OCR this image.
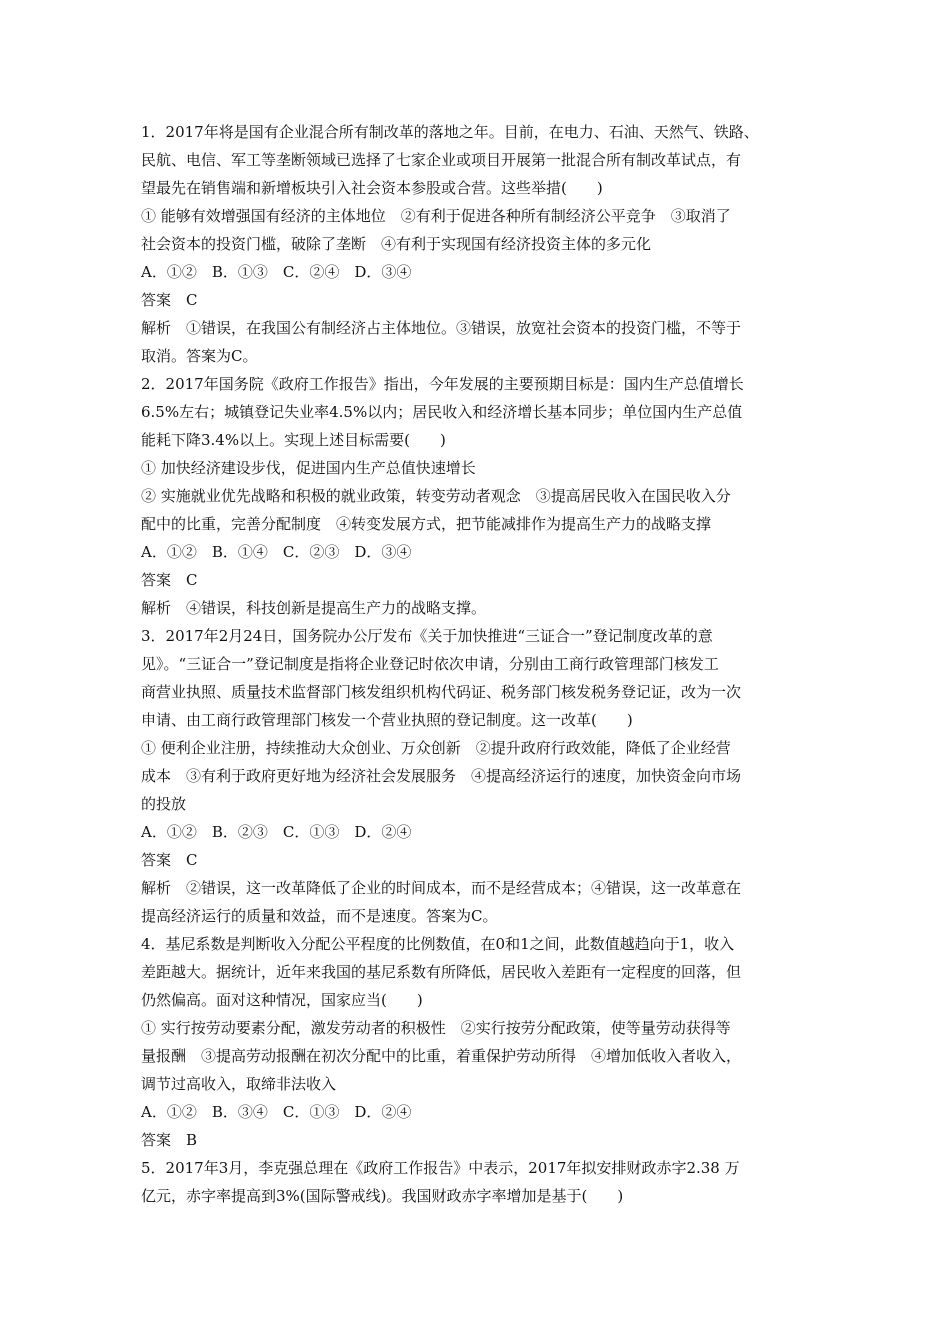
1．2017年将是国有企业混合所有制改革的落地之年。目前，在电力、石油、天然气、铁路、
民航、电信、军工等垄断领域已选择了七家企业或项目开展第一批混合所有制改革试点，有
望最先在销售端和新增板块引入社会资本参股或合营。这些举措(　　)
① 能够有效增强国有经济的主体地位　②有利于促进各种所有制经济公平竞争　③取消了
社会资本的投资门槛，破除了垄断　④有利于实现国有经济投资主体的多元化
A．①②　B．①③　C．②④　D．③④
答案　C
解析　①错误，在我国公有制经济占主体地位。③错误，放宽社会资本的投资门槛，不等于
取消。答案为C。
2．2017年国务院《政府工作报告》指出，今年发展的主要预期目标是：国内生产总值增长
6.5%左右；城镇登记失业率4.5%以内；居民收入和经济增长基本同步；单位国内生产总值
能耗下降3.4%以上。实现上述目标需要(　　)
① 加快经济建设步伐，促进国内生产总值快速增长
② 实施就业优先战略和积极的就业政策，转变劳动者观念　③提高居民收入在国民收入分
配中的比重，完善分配制度　④转变发展方式，把节能减排作为提高生产力的战略支撑
A．①②　B．①④　C．②③　D．③④
答案　C
解析　④错误，科技创新是提高生产力的战略支撑。
3．2017年2月24日，国务院办公厅发布《关于加快推进“三证合一”登记制度改革的意
见》。“三证合一”登记制度是指将企业登记时依次申请，分别由工商行政管理部门核发工
商营业执照、质量技术监督部门核发组织机构代码证、税务部门核发税务登记证，改为一次
申请、由工商行政管理部门核发一个营业执照的登记制度。这一改革(　　)
① 便利企业注册，持续推动大众创业、万众创新　②提升政府行政效能，降低了企业经营
成本　③有利于政府更好地为经济社会发展服务　④提高经济运行的速度，加快资金向市场
的投放
A．①②　B．②③　C．①③　D．②④
答案　C
解析　②错误，这一改革降低了企业的时间成本，而不是经营成本；④错误，这一改革意在
提高经济运行的质量和效益，而不是速度。答案为C。
4．基尼系数是判断收入分配公平程度的比例数值，在0和1之间，此数值越趋向于1，收入
差距越大。据统计，近年来我国的基尼系数有所降低，居民收入差距有一定程度的回落，但
仍然偏高。面对这种情况，国家应当(　　)
① 实行按劳动要素分配，激发劳动者的积极性　②实行按劳分配政策，使等量劳动获得等
量报酬　③提高劳动报酬在初次分配中的比重，着重保护劳动所得　④增加低收入者收入，
调节过高收入，取缔非法收入
A．①②　B．③④　C．①③　D．②④
答案　B
5．2017年3月，李克强总理在《政府工作报告》中表示，2017年拟安排财政赤字2.38 万
亿元，赤字率提高到3%(国际警戒线)。我国财政赤字率增加是基于(　　)
